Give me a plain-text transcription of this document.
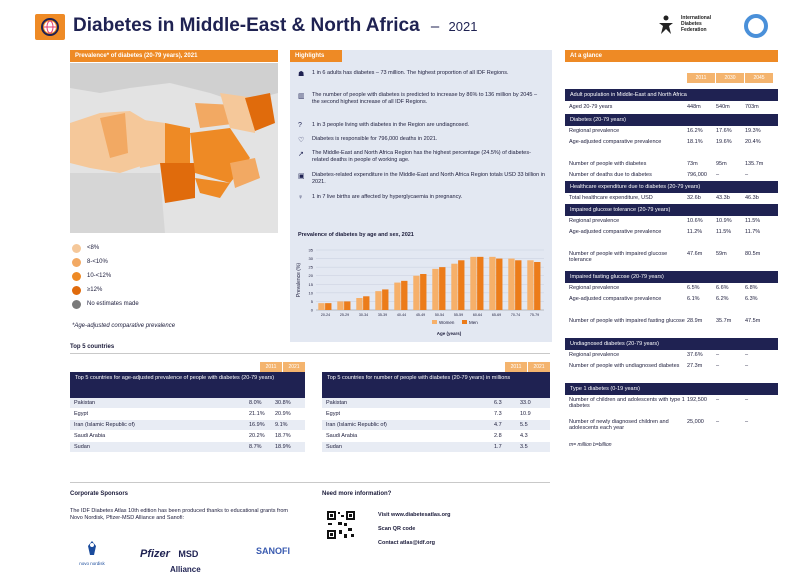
Diabetes in Middle-East & North Africa – 2021
International
Diabetes
Federation
Prevalence* of diabetes (20-79 years), 2021
<8%
8-<10%
10-<12%
≥12%
No estimates made
*Age-adjusted comparative prevalence
Highlights
☗	1 in 6 adults has diabetes – 73 million. The highest proportion of all IDF Regions.
▥	The number of people with diabetes is predicted to increase by 86% to 136 million by 2045 – the second highest increase of all IDF Regions.
?	1 in 3 people living with diabetes in the Region are undiagnosed.
♡	Diabetes is responsible for 796,000 deaths in 2021.
↗	The Middle-East and North Africa Region has the highest percentage (24.5%) of diabetes-related deaths in people of working age.
▣	Diabetes-related expenditure in the Middle-East and North Africa Region totals USD 33 billion in 2021.
♀	1 in 7 live births are affected by hyperglycaemia in pregnancy.
Prevalence of diabetes by age and sex, 2021
Prevalence (%)
0
5
10
15
20
25
30
35
20-24	25-29	30-34	35-39	40-44	45-49	50-54	55-59	60-64	65-69	70-74	75-79
Women	Men
Age (years)
Top 5 countries
2011	2021
Top 5 countries for age-adjusted prevalence of people with diabetes (20-79 years)
Pakistan	8.0%	30.8%
Egypt	21.1%	20.9%
Iran (Islamic Republic of)	16.9%	9.1%
Saudi Arabia	20.2%	18.7%
Sudan	8.7%	18.9%
2011	2021
Top 5 countries for number of people with diabetes (20-79 years) in millions
Pakistan	6.3	33.0
Egypt	7.3	10.9
Iran (Islamic Republic of)	4.7	5.5
Saudi Arabia	2.8	4.3
Sudan	1.7	3.5
Corporate Sponsors
The IDF Diabetes Atlas 10th edition has been produced thanks to educational grants from Novo Nordisk, Pfizer-MSD Alliance and Sanofi:
novo nordisk
Pfizer MSD
Alliance
SANOFI
Need more information?
Visit www.diabetesatlas.org
Scan QR code
Contact atlas@idf.org
At a glance
2011	2030	2045
Adult population in Middle-East and North Africa
Aged 20-79 years	448m	540m	703m
Diabetes (20-79 years)
Regional prevalence	16.2%	17.6%	19.3%
Age-adjusted comparative prevalence	18.1%	19.6%	20.4%
Number of people with diabetes	73m	95m	135.7m
Number of deaths due to diabetes	796,000	–	–
Healthcare expenditure due to diabetes (20-79 years)
Total healthcare expenditure, USD	32.6b	43.3b	46.3b
Impaired glucose tolerance (20-79 years)
Regional prevalence	10.6%	10.9%	11.5%
Age-adjusted comparative prevalence	11.2%	11.5%	11.7%
Number of people with impaired glucose tolerance
47.6m	59m	80.5m
Impaired fasting glucose (20-79 years)
Regional prevalence	6.5%	6.6%	6.8%
Age-adjusted comparative prevalence	6.1%	6.2%	6.3%
Number of people with impaired fasting glucose 28.9m	35.7m	47.5m
Undiagnosed diabetes (20-79 years)
Regional prevalence	37.6%	–	–
Number of people with undiagnosed diabetes	27.3m	–	–
Type 1 diabetes (0-19 years)
Number of children and adolescents with type 1 diabetes
192,500	–	–
Number of newly diagnosed children and adolescents each year
25,000	–	–
m= million b=billion
